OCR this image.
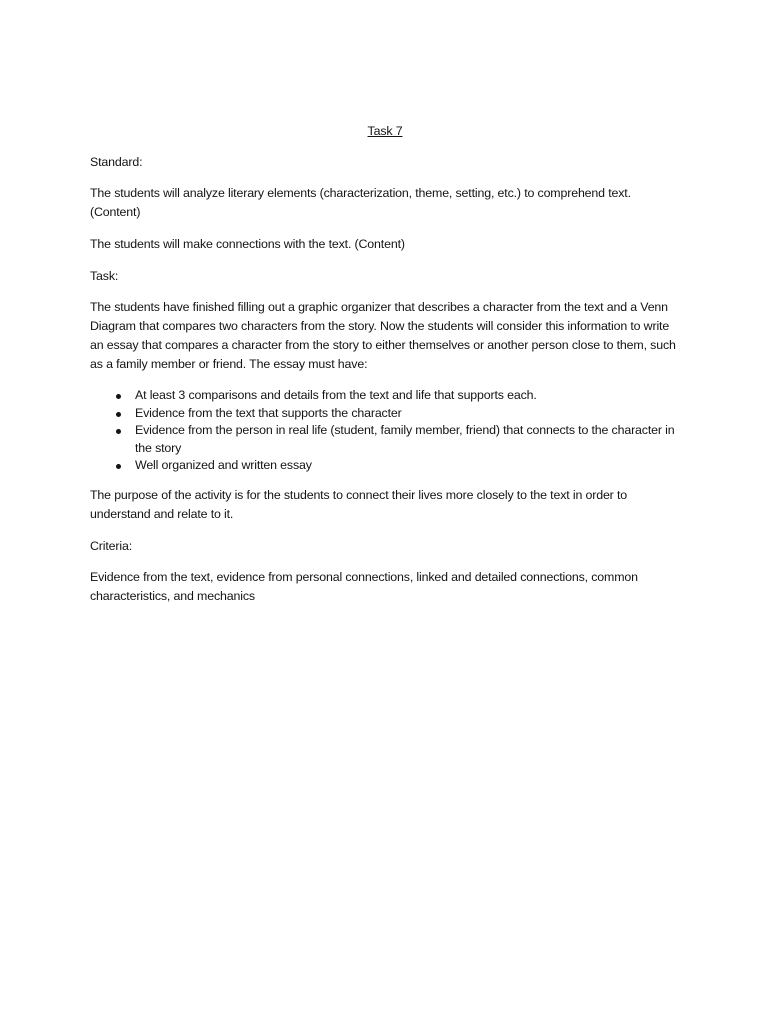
Task 7

Standard:

The students will analyze literary elements (characterization, theme, setting, etc.) to comprehend text. (Content)

The students will make connections with the text. (Content)

Task:

The students have finished filling out a graphic organizer that describes a character from the text and a Venn Diagram that compares two characters from the story. Now the students will consider this information to write an essay that compares a character from the story to either themselves or another person close to them, such as a family member or friend. The essay must have:

At least 3 comparisons and details from the text and life that supports each.
Evidence from the text that supports the character
Evidence from the person in real life (student, family member, friend) that connects to the character in the story
Well organized and written essay

The purpose of the activity is for the students to connect their lives more closely to the text in order to understand and relate to it.

Criteria:

Evidence from the text, evidence from personal connections, linked and detailed connections, common characteristics, and mechanics
